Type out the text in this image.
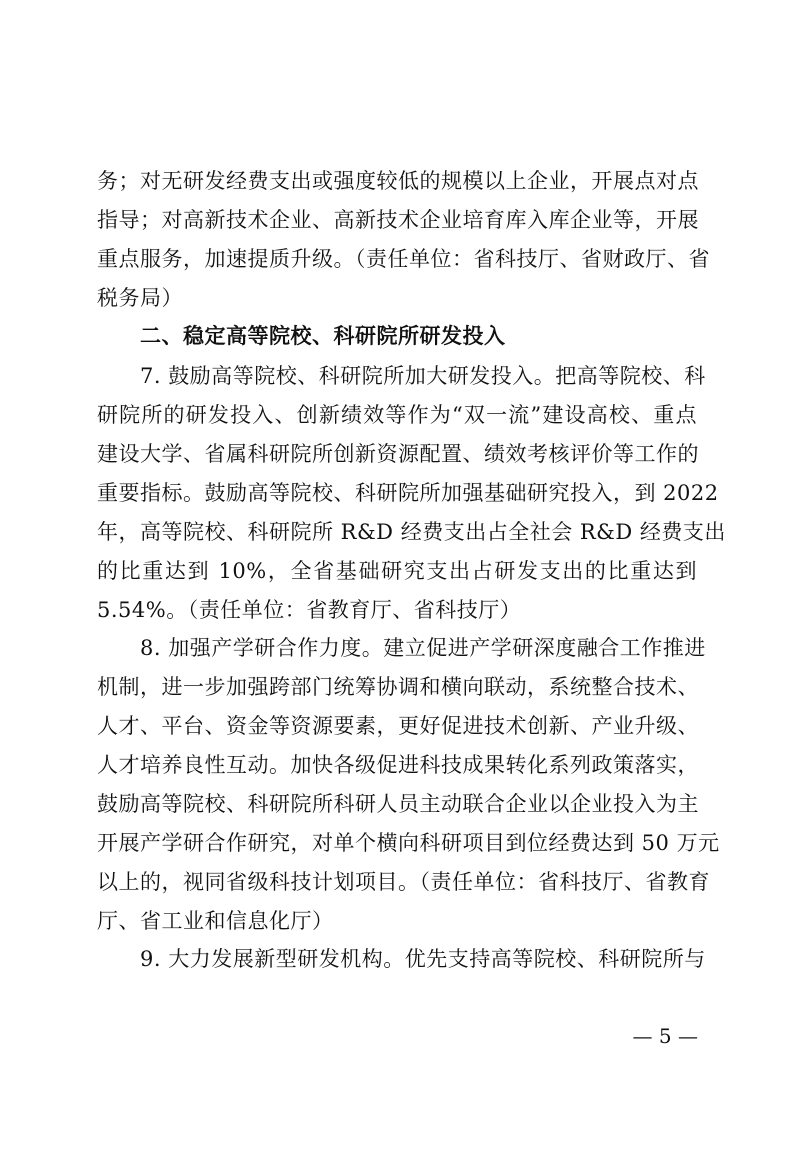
务；对无研发经费支出或强度较低的规模以上企业，开展点对点
指导；对高新技术企业、高新技术企业培育库入库企业等，开展
重点服务，加速提质升级。（责任单位：省科技厅、省财政厅、省
税务局）
二、稳定高等院校、科研院所研发投入
7. 鼓励高等院校、科研院所加大研发投入。把高等院校、科
研院所的研发投入、创新绩效等作为“双一流”建设高校、重点
建设大学、省属科研院所创新资源配置、绩效考核评价等工作的
重要指标。鼓励高等院校、科研院所加强基础研究投入，到 2022
年，高等院校、科研院所 R&D 经费支出占全社会 R&D 经费支出
的比重达到 10%，全省基础研究支出占研发支出的比重达到
5.54%。（责任单位：省教育厅、省科技厅）
8. 加强产学研合作力度。建立促进产学研深度融合工作推进
机制，进一步加强跨部门统筹协调和横向联动，系统整合技术、
人才、平台、资金等资源要素，更好促进技术创新、产业升级、
人才培养良性互动。加快各级促进科技成果转化系列政策落实，
鼓励高等院校、科研院所科研人员主动联合企业以企业投入为主
开展产学研合作研究，对单个横向科研项目到位经费达到 50 万元
以上的，视同省级科技计划项目。（责任单位：省科技厅、省教育
厅、省工业和信息化厅）
9. 大力发展新型研发机构。优先支持高等院校、科研院所与
— 5 —
